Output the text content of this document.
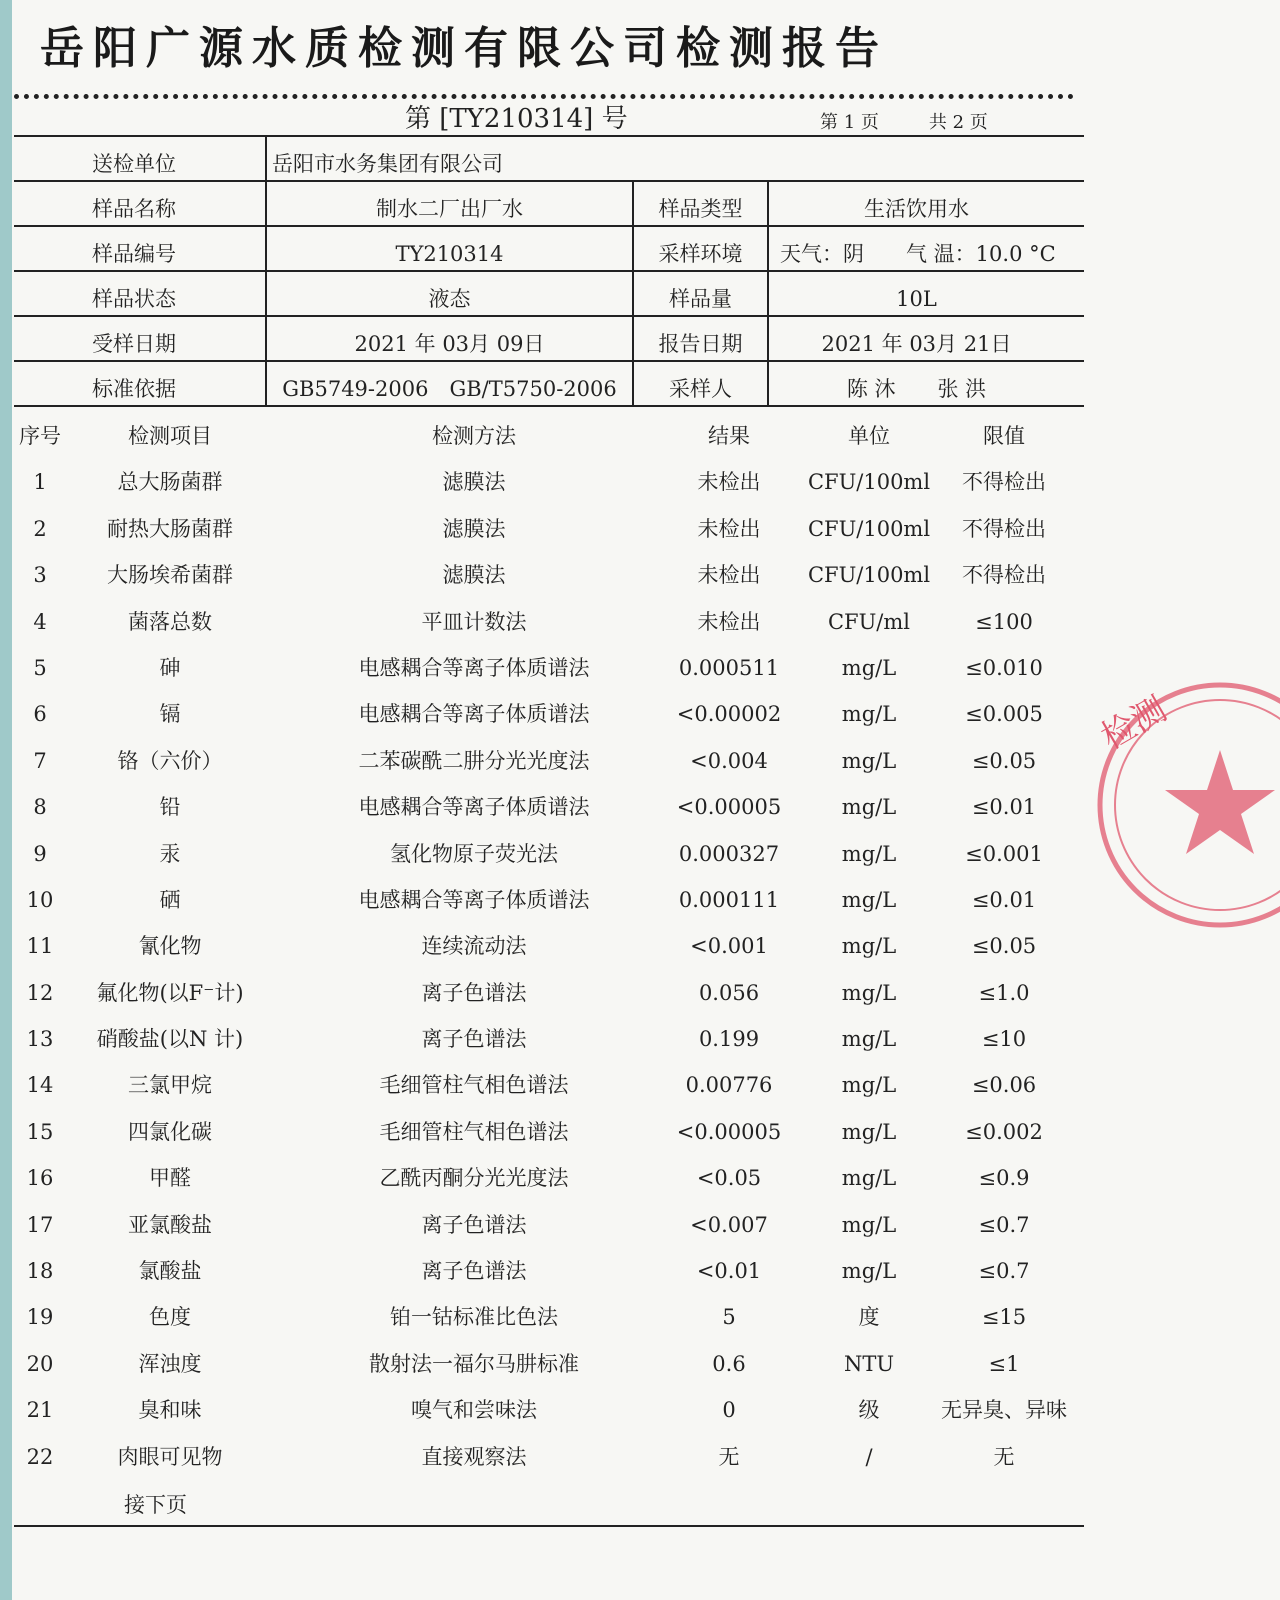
岳阳广源水质检测有限公司检测报告
第 [TY210314] 号	第 1 页	共 2 页
送检单位	岳阳市水务集团有限公司
样品名称	制水二厂出厂水	样品类型	生活饮用水
样品编号	TY210314	采样环境	天气：阴　　气 温：10.0 °C
样品状态	液态	样品量	10L
受样日期	2021 年 03月 09日	报告日期	2021 年 03月 21日
标准依据	GB5749-2006　GB/T5750-2006	采样人	陈 沐　　张 洪
序号	检测项目	检测方法	结果	单位	限值
1	总大肠菌群	滤膜法	未检出	CFU/100ml	不得检出
2	耐热大肠菌群	滤膜法	未检出	CFU/100ml	不得检出
3	大肠埃希菌群	滤膜法	未检出	CFU/100ml	不得检出
4	菌落总数	平皿计数法	未检出	CFU/ml	≤100
5	砷	电感耦合等离子体质谱法	0.000511	mg/L	≤0.010
6	镉	电感耦合等离子体质谱法	<0.00002	mg/L	≤0.005
7	铬（六价）	二苯碳酰二肼分光光度法	<0.004	mg/L	≤0.05
8	铅	电感耦合等离子体质谱法	<0.00005	mg/L	≤0.01
9	汞	氢化物原子荧光法	0.000327	mg/L	≤0.001
10	硒	电感耦合等离子体质谱法	0.000111	mg/L	≤0.01
11	氰化物	连续流动法	<0.001	mg/L	≤0.05
12	氟化物(以F⁻计)	离子色谱法	0.056	mg/L	≤1.0
13	硝酸盐(以N 计)	离子色谱法	0.199	mg/L	≤10
14	三氯甲烷	毛细管柱气相色谱法	0.00776	mg/L	≤0.06
15	四氯化碳	毛细管柱气相色谱法	<0.00005	mg/L	≤0.002
16	甲醛	乙酰丙酮分光光度法	<0.05	mg/L	≤0.9
17	亚氯酸盐	离子色谱法	<0.007	mg/L	≤0.7
18	氯酸盐	离子色谱法	<0.01	mg/L	≤0.7
19	色度	铂一钴标准比色法	5	度	≤15
20	浑浊度	散射法一福尔马肼标准	0.6	NTU	≤1
21	臭和味	嗅气和尝味法	0	级	无异臭、异味
22	肉眼可见物	直接观察法	无	/	无
接下页
检测
